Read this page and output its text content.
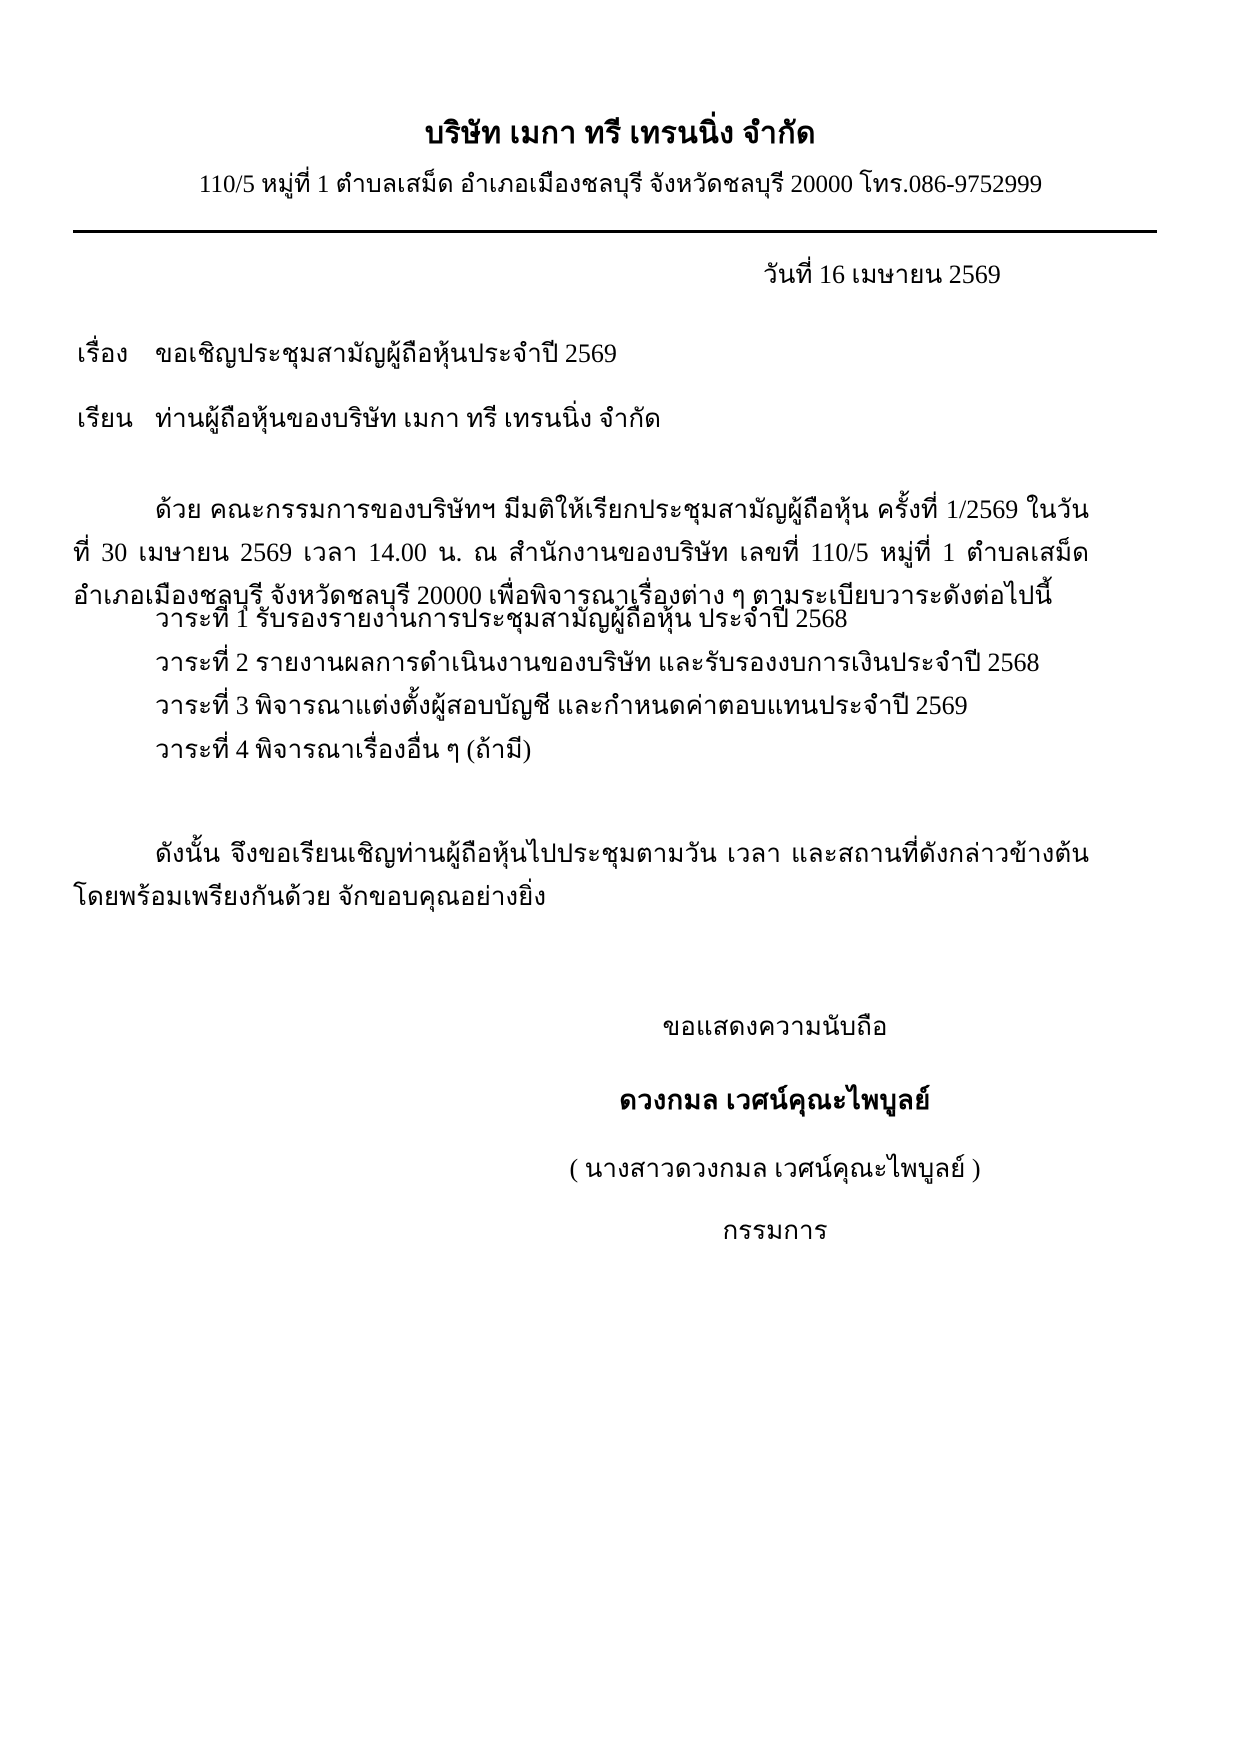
บริษัท เมกา ทรี เทรนนิ่ง จำกัด
110/5 หมู่ที่ 1 ตำบลเสม็ด อำเภอเมืองชลบุรี จังหวัดชลบุรี 20000 โทร.086-9752999
วันที่ 16 เมษายน 2569
เรื่อง	ขอเชิญประชุมสามัญผู้ถือหุ้นประจำปี 2569
เรียน ท่านผู้ถือหุ้นของบริษัท เมกา ทรี เทรนนิ่ง จำกัด

ด้วย คณะกรรมการของบริษัทฯ มีมติให้เรียกประชุมสามัญผู้ถือหุ้น ครั้งที่ 1/2569 ในวันที่ 30 เมษายน 2569 เวลา 14.00 น. ณ สำนักงานของบริษัท เลขที่ 110/5 หมู่ที่ 1 ตำบลเสม็ด อำเภอเมืองชลบุรี จังหวัดชลบุรี 20000 เพื่อพิจารณาเรื่องต่าง ๆ ตามระเบียบวาระดังต่อไปนี้

วาระที่ 1 รับรองรายงานการประชุมสามัญผู้ถือหุ้น ประจำปี 2568
วาระที่ 2 รายงานผลการดำเนินงานของบริษัท และรับรองงบการเงินประจำปี 2568
วาระที่ 3 พิจารณาแต่งตั้งผู้สอบบัญชี และกำหนดค่าตอบแทนประจำปี 2569
วาระที่ 4 พิจารณาเรื่องอื่น ๆ (ถ้ามี)

ดังนั้น จึงขอเรียนเชิญท่านผู้ถือหุ้นไปประชุมตามวัน เวลา และสถานที่ดังกล่าวข้างต้นโดยพร้อมเพรียงกันด้วย จักขอบคุณอย่างยิ่ง

ขอแสดงความนับถือ
ดวงกมล เวศน์คุณะไพบูลย์
( นางสาวดวงกมล เวศน์คุณะไพบูลย์ )
กรรมการ
